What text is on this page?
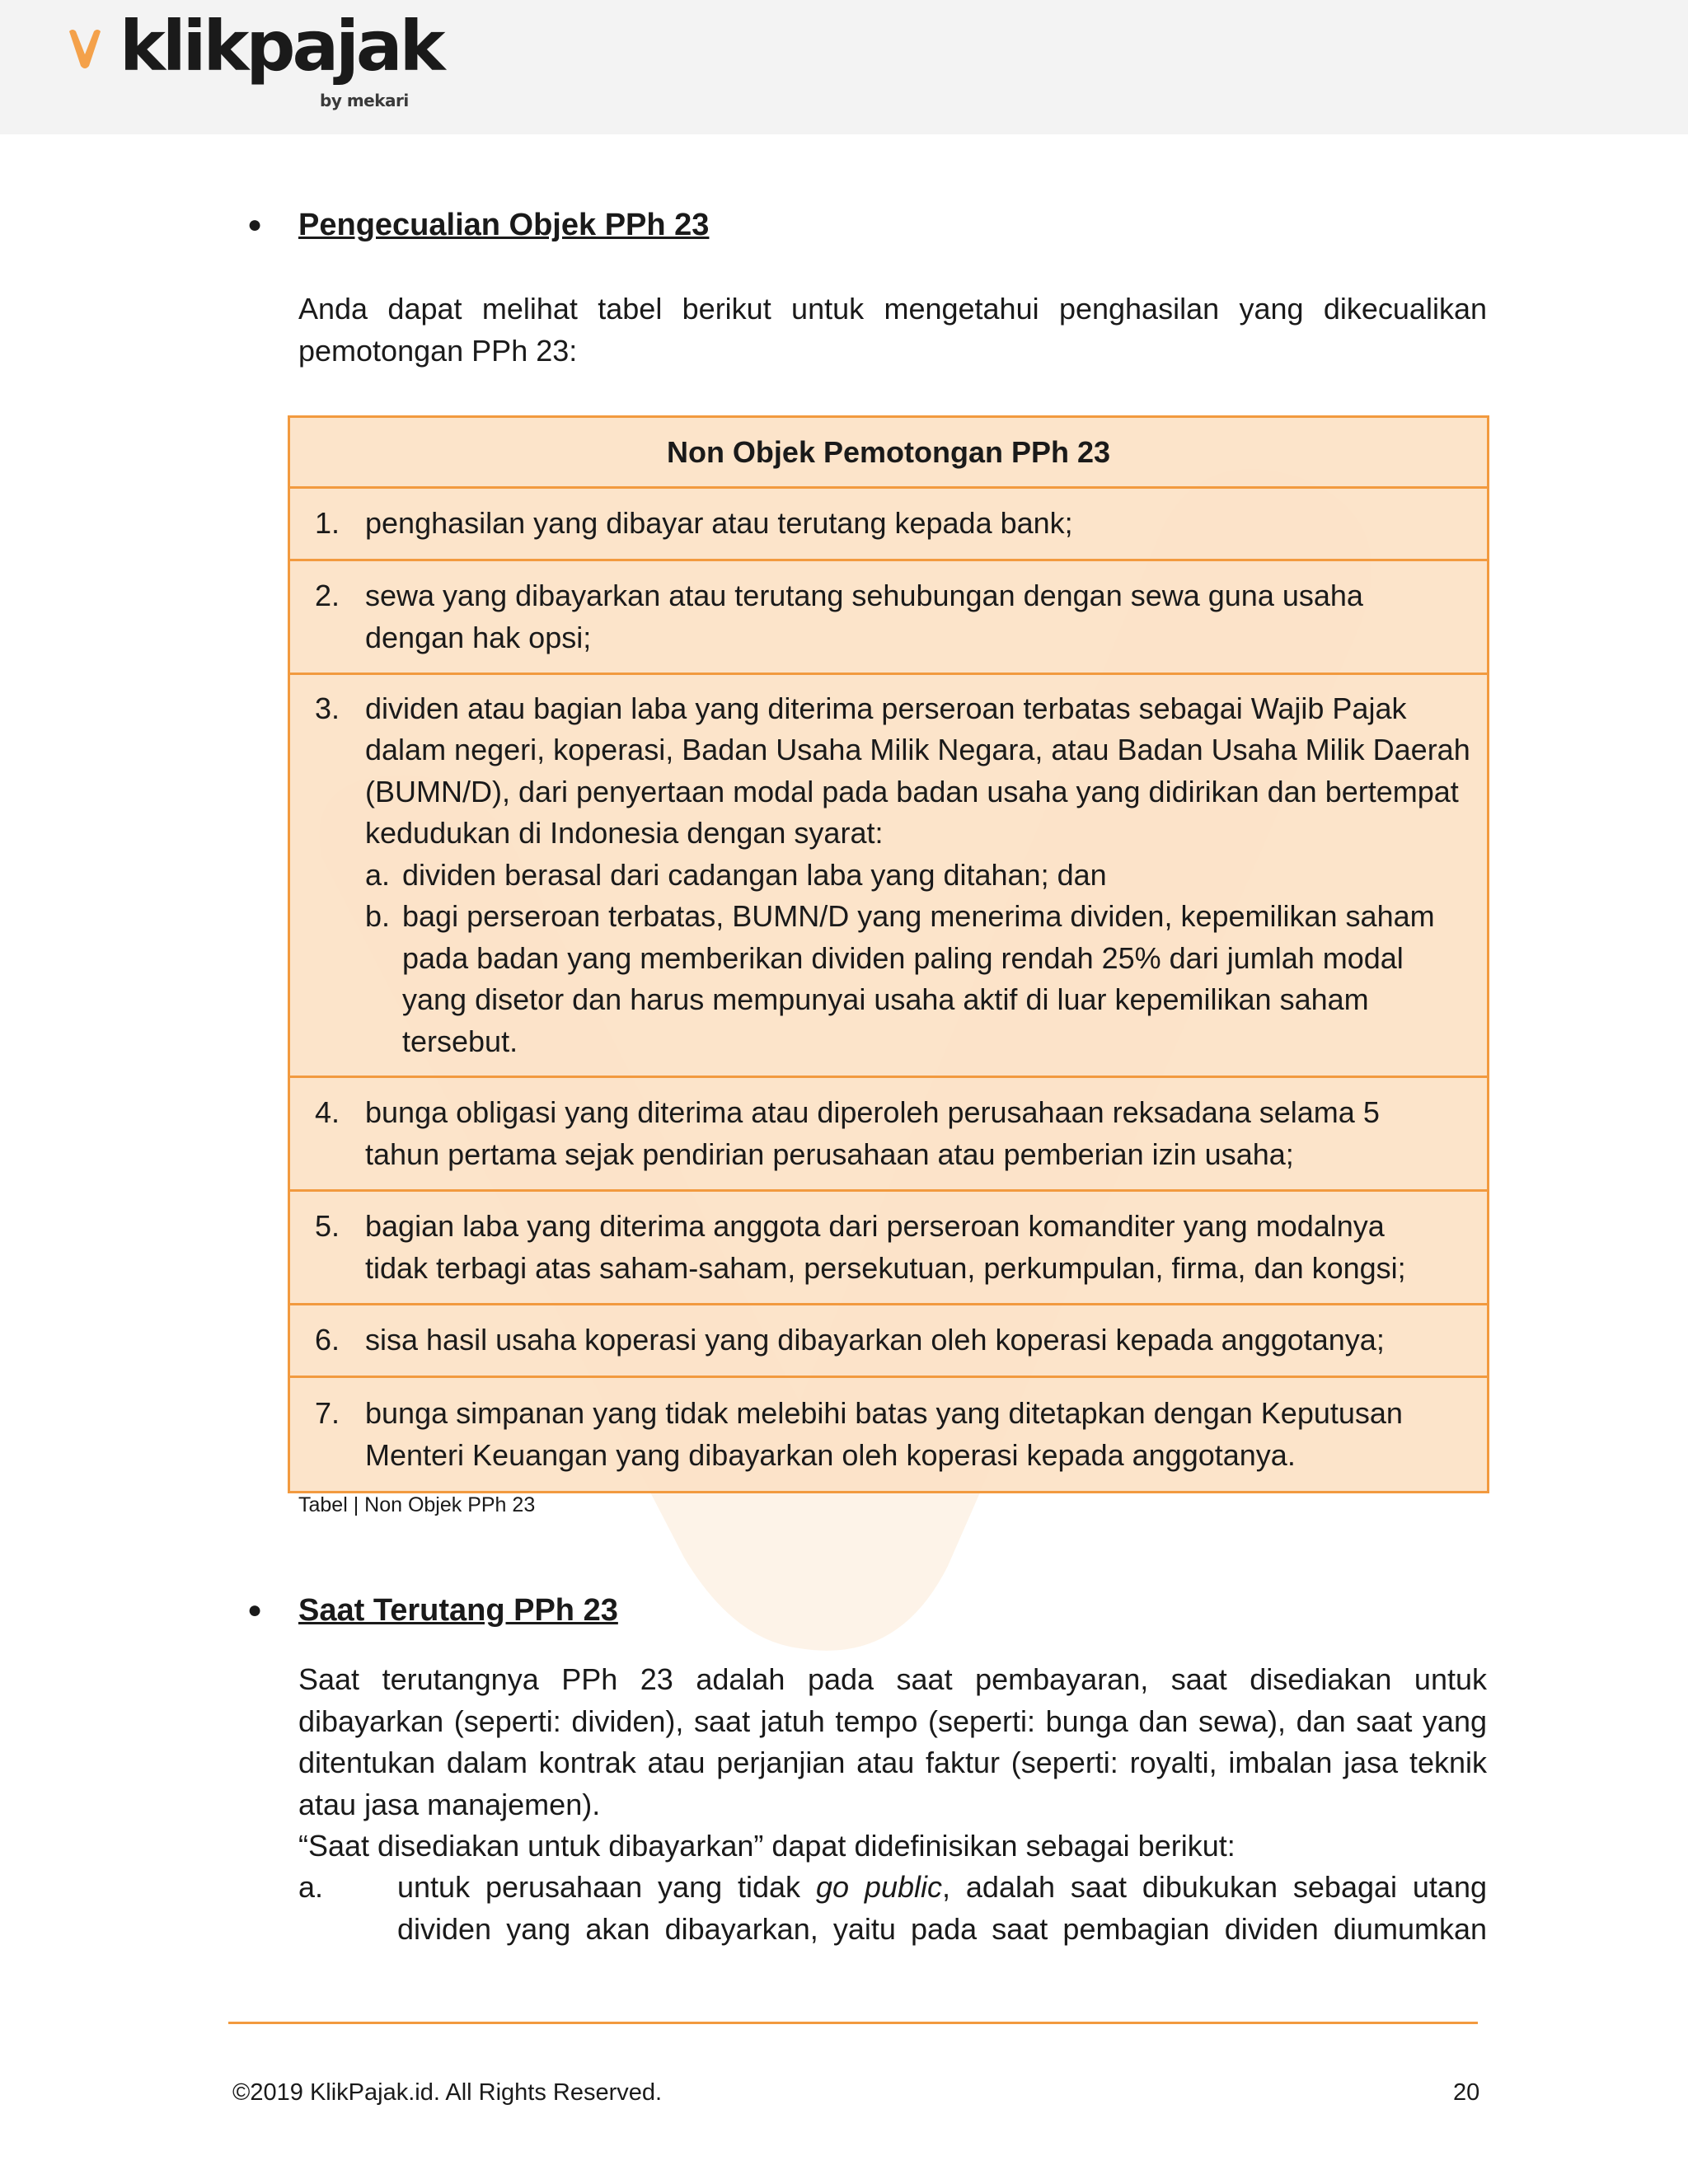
klikpajak
by mekari
● Pengecualian Objek PPh 23
Anda dapat melihat tabel berikut untuk mengetahui penghasilan yang dikecualikan
pemotongan PPh 23:
Non Objek Pemotongan PPh 23
1. penghasilan yang dibayar atau terutang kepada bank;
2. sewa yang dibayarkan atau terutang sehubungan dengan sewa guna usaha
dengan hak opsi;
3. dividen atau bagian laba yang diterima perseroan terbatas sebagai Wajib Pajak
dalam negeri, koperasi, Badan Usaha Milik Negara, atau Badan Usaha Milik Daerah
(BUMN/D), dari penyertaan modal pada badan usaha yang didirikan dan bertempat
kedudukan di Indonesia dengan syarat:
a. dividen berasal dari cadangan laba yang ditahan; dan
b. bagi perseroan terbatas, BUMN/D yang menerima dividen, kepemilikan saham
pada badan yang memberikan dividen paling rendah 25% dari jumlah modal
yang disetor dan harus mempunyai usaha aktif di luar kepemilikan saham
tersebut.
4. bunga obligasi yang diterima atau diperoleh perusahaan reksadana selama 5
tahun pertama sejak pendirian perusahaan atau pemberian izin usaha;
5. bagian laba yang diterima anggota dari perseroan komanditer yang modalnya
tidak terbagi atas saham-saham, persekutuan, perkumpulan, firma, dan kongsi;
6. sisa hasil usaha koperasi yang dibayarkan oleh koperasi kepada anggotanya;
7. bunga simpanan yang tidak melebihi batas yang ditetapkan dengan Keputusan
Menteri Keuangan yang dibayarkan oleh koperasi kepada anggotanya.
Tabel | Non Objek PPh 23
● Saat Terutang PPh 23
Saat terutangnya PPh 23 adalah pada saat pembayaran, saat disediakan untuk
dibayarkan (seperti: dividen), saat jatuh tempo (seperti: bunga dan sewa), dan saat yang
ditentukan dalam kontrak atau perjanjian atau faktur (seperti: royalti, imbalan jasa teknik
atau jasa manajemen).
“Saat disediakan untuk dibayarkan” dapat didefinisikan sebagai berikut:
a. untuk perusahaan yang tidak go public, adalah saat dibukukan sebagai utang
dividen yang akan dibayarkan, yaitu pada saat pembagian dividen diumumkan
©2019 KlikPajak.id. All Rights Reserved.	20
